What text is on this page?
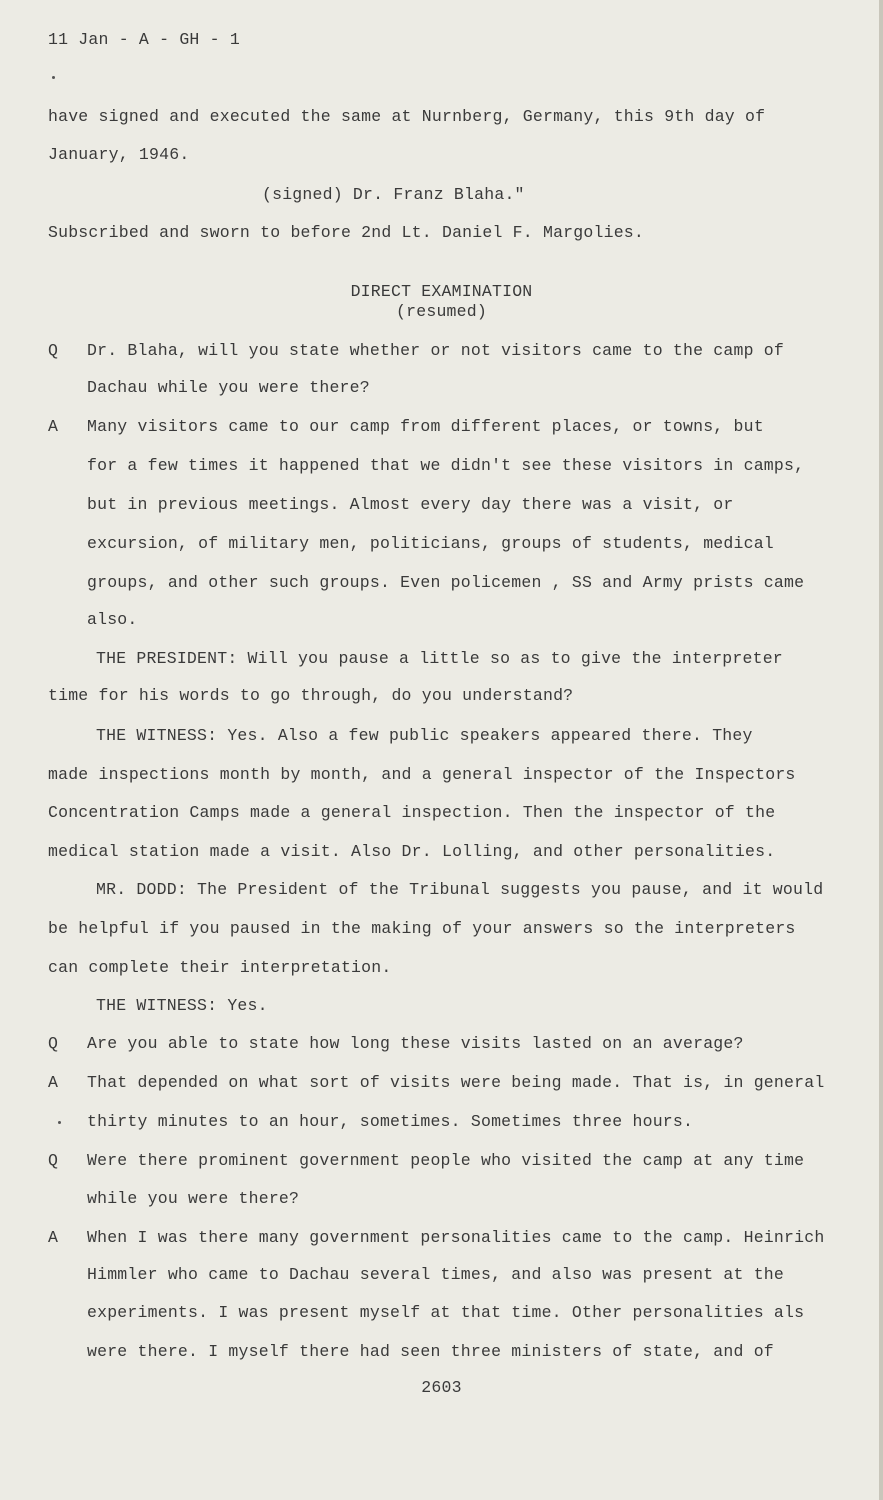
11 Jan - A - GH - 1
have signed and executed the same at Nurnberg, Germany, this 9th day of
January, 1946.
(signed) Dr. Franz Blaha."
Subscribed and sworn to before 2nd Lt. Daniel F. Margolies.
DIRECT EXAMINATION
(resumed)
Q
A
Q
A
Q
A
Dr. Blaha, will you state whether or not visitors came to the camp of
Dachau while you were there?
Many visitors came to our camp from different places, or towns, but
for a few times it happened that we didn't see these visitors in camps,
but in previous meetings. Almost every day there was a visit, or
excursion, of military men, politicians, groups of students, medical
groups, and other such groups. Even policemen , SS and Army prists came
also.
THE PRESIDENT: Will you pause a little so as to give the interpreter
time for his words to go through, do you understand?
THE WITNESS: Yes. Also a few public speakers appeared there. They
made inspections month by month, and a general inspector of the Inspectors
Concentration Camps made a general inspection. Then the inspector of the
medical station made a visit. Also Dr. Lolling, and other personalities.
MR. DODD: The President of the Tribunal suggests you pause, and it would
be helpful if you paused in the making of your answers so the interpreters
can complete their interpretation.
THE WITNESS: Yes.
Are you able to state how long these visits lasted on an average?
That depended on what sort of visits were being made. That is, in general
thirty minutes to an hour, sometimes. Sometimes three hours.
Were there prominent government people who visited the camp at any time
while you were there?
When I was there many government personalities came to the camp. Heinrich
Himmler who came to Dachau several times, and also was present at the
experiments. I was present myself at that time. Other personalities als
were there. I myself there had seen three ministers of state, and of
2603
